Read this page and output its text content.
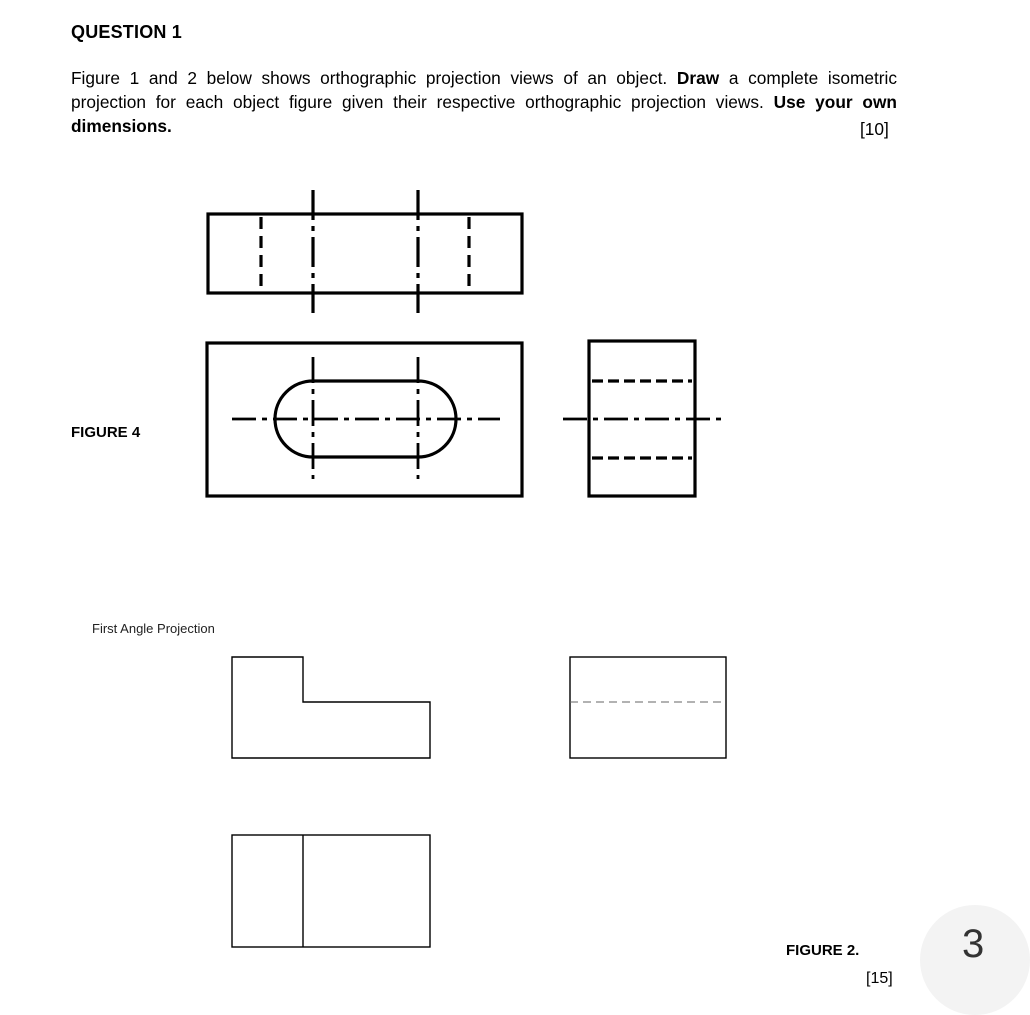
QUESTION 1
Figure 1 and 2 below shows orthographic projection views of an object. Draw a complete isometric projection for each object figure given their respective orthographic projection views. Use your own dimensions.	[10]
FIGURE 4
First Angle Projection
FIGURE 2.
[15]
3
